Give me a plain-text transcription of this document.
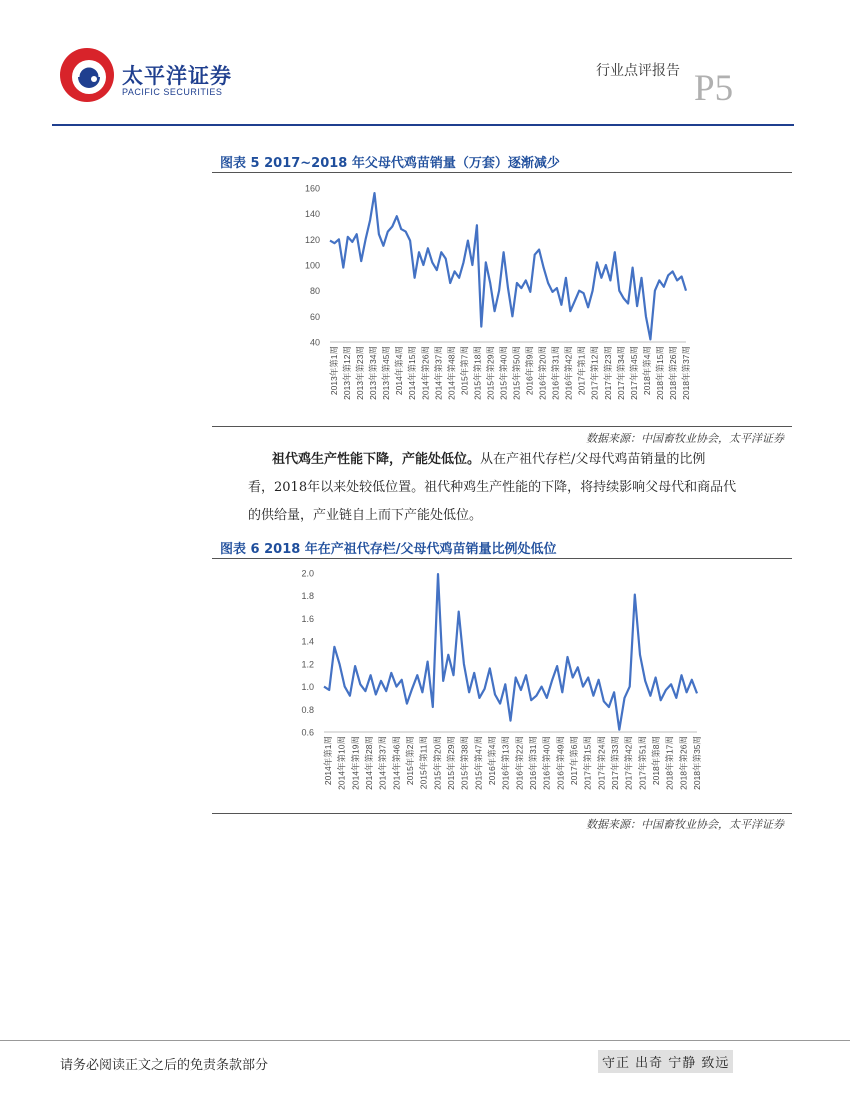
太平洋证券
PACIFIC SECURITIES
行业点评报告 P5
图表 5 2017~2018 年父母代鸡苗销量（万套）逐渐减少
40
60
80
100
120
140
160
2013年第1周 2013年第12周 2013年第23周 2013年第34周 2013年第45周 2014年第4周 2014年第15周 2014年第26周 2014年第37周 2014年第48周 2015年第7周 2015年第18周 2015年第29周 2015年第40周 2015年第50周 2016年第9周 2016年第20周 2016年第31周 2016年第42周 2017年第1周 2017年第12周 2017年第23周 2017年第34周 2017年第45周 2018年第4周 2018年第15周 2018年第26周 2018年第37周
数据来源：中国畜牧业协会，太平洋证券
祖代鸡生产性能下降，产能处低位。从在产祖代存栏/父母代鸡苗销量的比例
看，2018年以来处较低位置。祖代种鸡生产性能的下降，将持续影响父母代和商品代
的供给量，产业链自上而下产能处低位。
图表 6 2018 年在产祖代存栏/父母代鸡苗销量比例处低位
0.6
0.8
1.0
1.2
1.4
1.6
1.8
2.0
2014年第1周 2014年第10周 2014年第19周 2014年第28周 2014年第37周 2014年第46周 2015年第2周 2015年第11周 2015年第20周 2015年第29周 2015年第38周 2015年第47周 2016年第4周 2016年第13周 2016年第22周 2016年第31周 2016年第40周 2016年第49周 2017年第6周 2017年第15周 2017年第24周 2017年第33周 2017年第42周 2017年第51周 2018年第8周 2018年第17周 2018年第26周 2018年第35周
数据来源：中国畜牧业协会，太平洋证券
请务必阅读正文之后的免责条款部分	守正 出奇 宁静 致远
